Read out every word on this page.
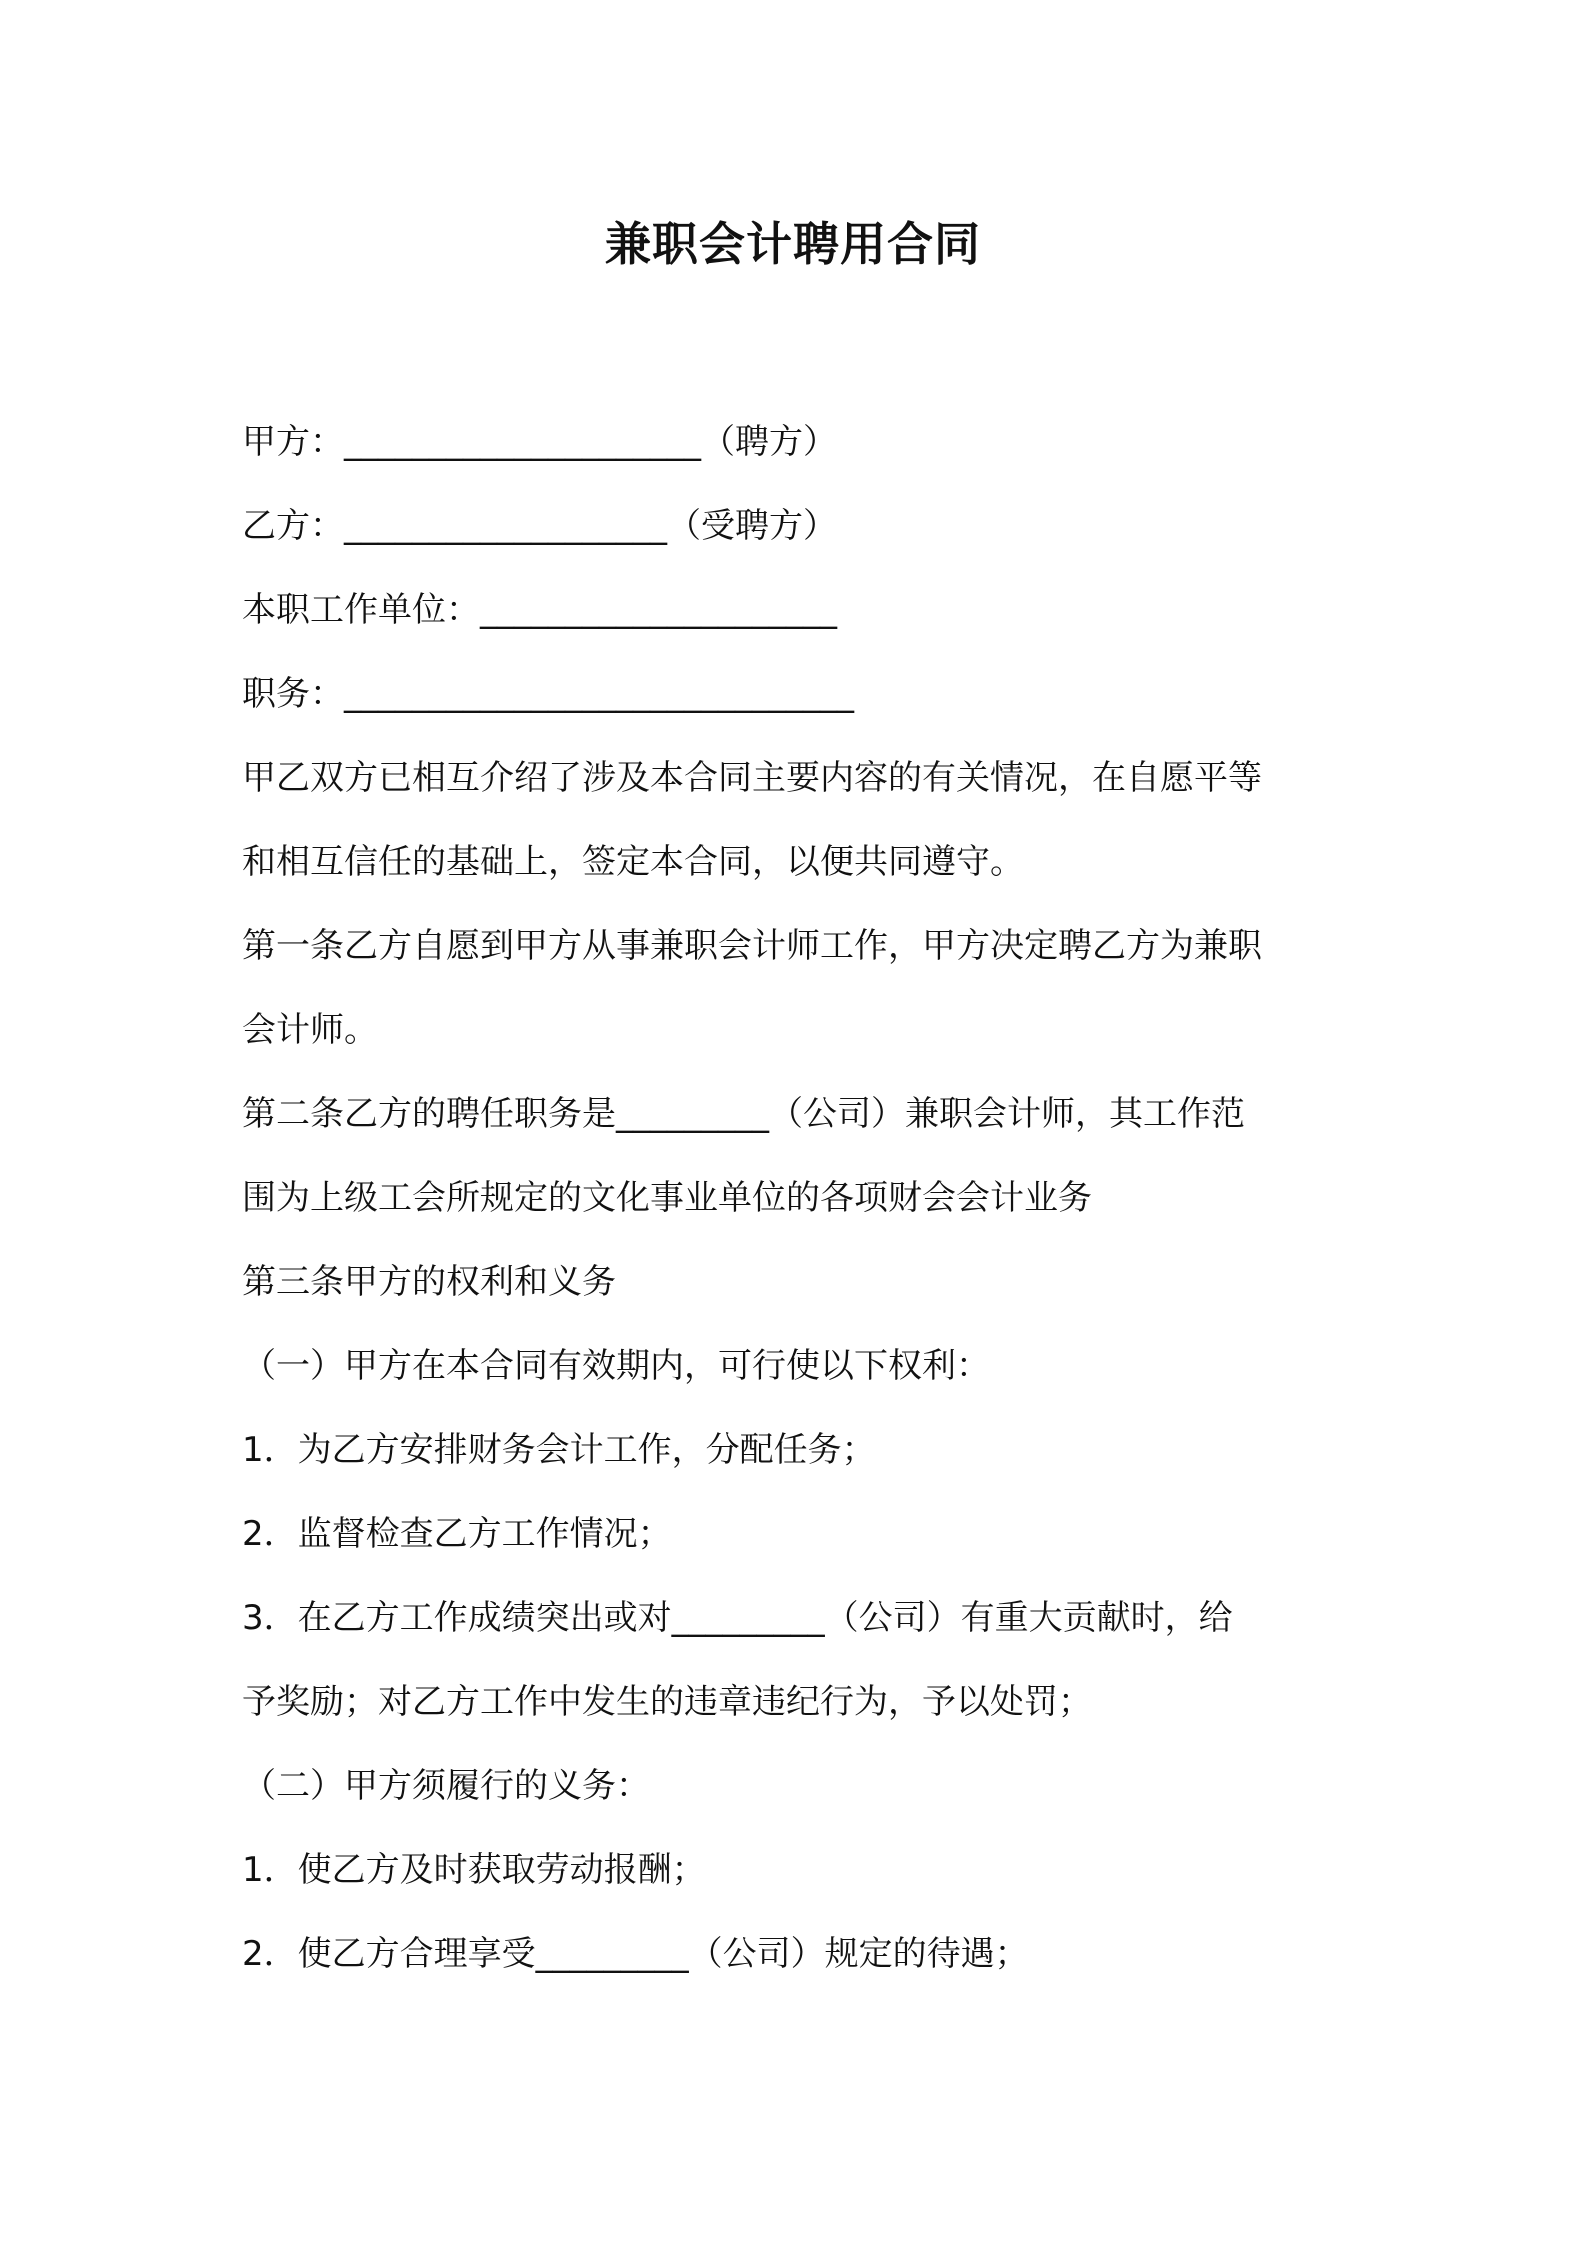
兼职会计聘用合同
甲方：_____________________（聘方）
乙方：___________________（受聘方）
本职工作单位：_____________________
职务：______________________________
甲乙双方已相互介绍了涉及本合同主要内容的有关情况，在自愿平等
和相互信任的基础上，签定本合同，以便共同遵守。
第一条乙方自愿到甲方从事兼职会计师工作，甲方决定聘乙方为兼职
会计师。
第二条乙方的聘任职务是_________（公司）兼职会计师，其工作范
围为上级工会所规定的文化事业单位的各项财会会计业务
第三条甲方的权利和义务
（一）甲方在本合同有效期内，可行使以下权利：
1．为乙方安排财务会计工作，分配任务；
2．监督检查乙方工作情况；
3．在乙方工作成绩突出或对_________（公司）有重大贡献时，给
予奖励；对乙方工作中发生的违章违纪行为，予以处罚；
（二）甲方须履行的义务：
1．使乙方及时获取劳动报酬；
2．使乙方合理享受_________（公司）规定的待遇；
